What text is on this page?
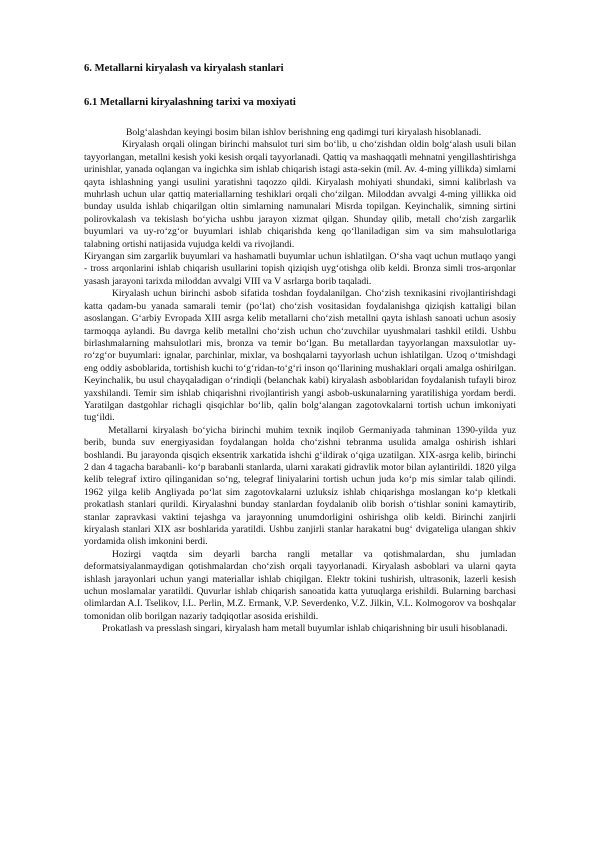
6. Metallarni kiryalash va kiryalash stanlari
6.1 Metallarni kiryalashning tarixi va moxiyati

Bolg‘alashdan keyingi bosim bilan ishlov berishning eng qadimgi turi kiryalash hisoblanadi.

Kiryalash orqali olingan birinchi mahsulot turi sim bo‘lib, u cho‘zishdan oldin bolg‘alash usuli bilan tayyorlangan, metallni kesish yoki kesish orqali tayyorlanadi. Qattiq va mashaqqatli mehnatni yengillashtirishga urinishlar, yanada oqlangan va ingichka sim ishlab chiqarish istagi asta-sekin (mil. Av. 4-ming yillikda) simlarni qayta ishlashning yangi usulini yaratishni taqozzo qildi. Kiryalash mohiyati shundaki, simni kalibrlash va muhrlash uchun ular qattiq materiallarning teshiklari orqali cho‘zilgan. Miloddan avvalgi 4-ming yillikka oid bunday usulda ishlab chiqarilgan oltin simlarning namunalari Misrda topilgan. Keyinchalik, simning sirtini polirovkalash va tekislash bo‘yicha ushbu jarayon xizmat qilgan. Shunday qilib, metall cho‘zish zargarlik buyumlari va uy-ro‘zg‘or buyumlari ishlab chiqarishda keng qo‘llaniladigan sim va sim mahsulotlariga talabning ortishi natijasida vujudga keldi va rivojlandi.

Kiryangan sim zargarlik buyumlari va hashamatli buyumlar uchun ishlatilgan. O‘sha vaqt uchun mutlaqo yangi - tross arqonlarini ishlab chiqarish usullarini topish qiziqish uyg‘otishga olib keldi. Bronza simli tros-arqonlar yasash jarayoni tarixda miloddan avvalgi VIII va V asrlarga borib taqaladi.

Kiryalash uchun birinchi asbob sifatida toshdan foydalanilgan. Cho‘zish texnikasini rivojlantirishdagi katta qadam-bu yanada samarali temir (po‘lat) cho‘zish vositasidan foydalanishga qiziqish kattaligi bilan asoslangan. G‘arbiy Evropada XIII asrga kelib metallarni cho‘zish metallni qayta ishlash sanoati uchun asosiy tarmoqqa aylandi. Bu davrga kelib metallni cho‘zish uchun cho‘zuvchilar uyushmalari tashkil etildi. Ushbu birlashmalarning mahsulotlari mis, bronza va temir bo‘lgan. Bu metallardan tayyorlangan maxsulotlar uy-ro‘zg‘or buyumlari: ignalar, parchinlar, mixlar, va boshqalarni tayyorlash uchun ishlatilgan. Uzoq o‘tmishdagi eng oddiy asboblarida, tortishish kuchi to‘g‘ridan-to‘g‘ri inson qo‘llarining mushaklari orqali amalga oshirilgan. Keyinchalik, bu usul chayqaladigan o‘rindiqli (belanchak kabi) kiryalash asboblaridan foydalanish tufayli biroz yaxshilandi. Temir sim ishlab chiqarishni rivojlantirish yangi asbob-uskunalarning yaratilishiga yordam berdi. Yaratilgan dastgohlar richagli qisqichlar bo‘lib, qalin bolg‘alangan zagotovkalarni tortish uchun imkoniyati tug‘ildi.

Metallarni kiryalash bo‘yicha birinchi muhim texnik inqilob Germaniyada tahminan 1390-yilda yuz berib, bunda suv energiyasidan foydalangan holda cho‘zishni tebranma usulida amalga oshirish ishlari boshlandi. Bu jarayonda qisqich eksentrik xarkatida ishchi g‘ildirak o‘qiga uzatilgan. XIX-asrga kelib, birinchi 2 dan 4 tagacha barabanli- ko‘p barabanli stanlarda, ularni xarakati gidravlik motor bilan aylantirildi. 1820 yilga kelib telegraf ixtiro qilinganidan so‘ng, telegraf liniyalarini tortish uchun juda ko‘p mis simlar talab qilindi. 1962 yilga kelib Angliyada po‘lat sim zagotovkalarni uzluksiz ishlab chiqarishga moslangan ko‘p kletkali prokatlash stanlari qurildi. Kiryalashni bunday stanlardan foydalanib olib borish o‘tishlar sonini kamaytirib, stanlar zapravkasi vaktini tejashga va jarayonning unumdorligini oshirishga olib keldi. Birinchi zanjirli kiryalash stanlari XIX asr boshlarida yaratildi. Ushbu zanjirli stanlar harakatni bug‘ dvigateliga ulangan shkiv yordamida olish imkonini berdi.

Hozirgi vaqtda sim deyarli barcha rangli metallar va qotishmalardan, shu jumladan deformatsiyalanmaydigan qotishmalardan cho‘zish orqali tayyorlanadi. Kiryalash asboblari va ularni qayta ishlash jarayonlari uchun yangi materiallar ishlab chiqilgan. Elektr tokini tushirish, ultrasonik, lazerli kesish uchun moslamalar yaratildi. Quvurlar ishlab chiqarish sanoatida katta yutuqlarga erishildi. Bularning barchasi olimlardan A.I. Tselikov, I.L. Perlin, M.Z. Ermank, V.P. Severdenko, V.Z. Jilkin, V.L. Kolmogorov va boshqalar tomonidan olib borilgan nazariy tadqiqotlar asosida erishildi.

Prokatlash va presslash singari, kiryalash ham metall buyumlar ishlab chiqarishning bir usuli hisoblanadi.
